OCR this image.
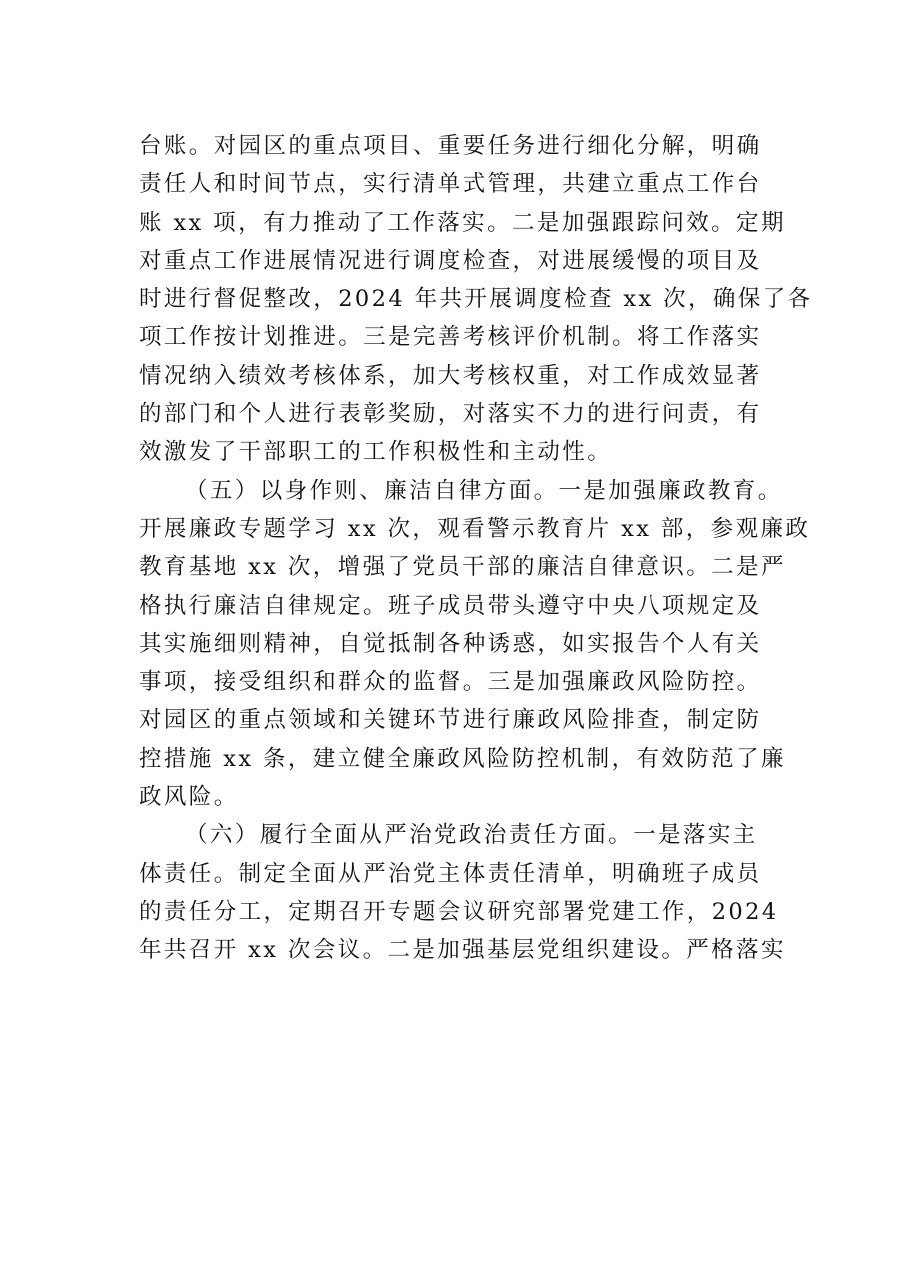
台账。对园区的重点项目、重要任务进行细化分解，明确
责任人和时间节点，实行清单式管理，共建立重点工作台
账 xx 项，有力推动了工作落实。二是加强跟踪问效。定期
对重点工作进展情况进行调度检查，对进展缓慢的项目及
时进行督促整改，2024 年共开展调度检查 xx 次，确保了各
项工作按计划推进。三是完善考核评价机制。将工作落实
情况纳入绩效考核体系，加大考核权重，对工作成效显著
的部门和个人进行表彰奖励，对落实不力的进行问责，有
效激发了干部职工的工作积极性和主动性。
（五）以身作则、廉洁自律方面。一是加强廉政教育。
开展廉政专题学习 xx 次，观看警示教育片 xx 部，参观廉政
教育基地 xx 次，增强了党员干部的廉洁自律意识。二是严
格执行廉洁自律规定。班子成员带头遵守中央八项规定及
其实施细则精神，自觉抵制各种诱惑，如实报告个人有关
事项，接受组织和群众的监督。三是加强廉政风险防控。
对园区的重点领域和关键环节进行廉政风险排查，制定防
控措施 xx 条，建立健全廉政风险防控机制，有效防范了廉
政风险。
（六）履行全面从严治党政治责任方面。一是落实主
体责任。制定全面从严治党主体责任清单，明确班子成员
的责任分工，定期召开专题会议研究部署党建工作，2024
年共召开 xx 次会议。二是加强基层党组织建设。严格落实
